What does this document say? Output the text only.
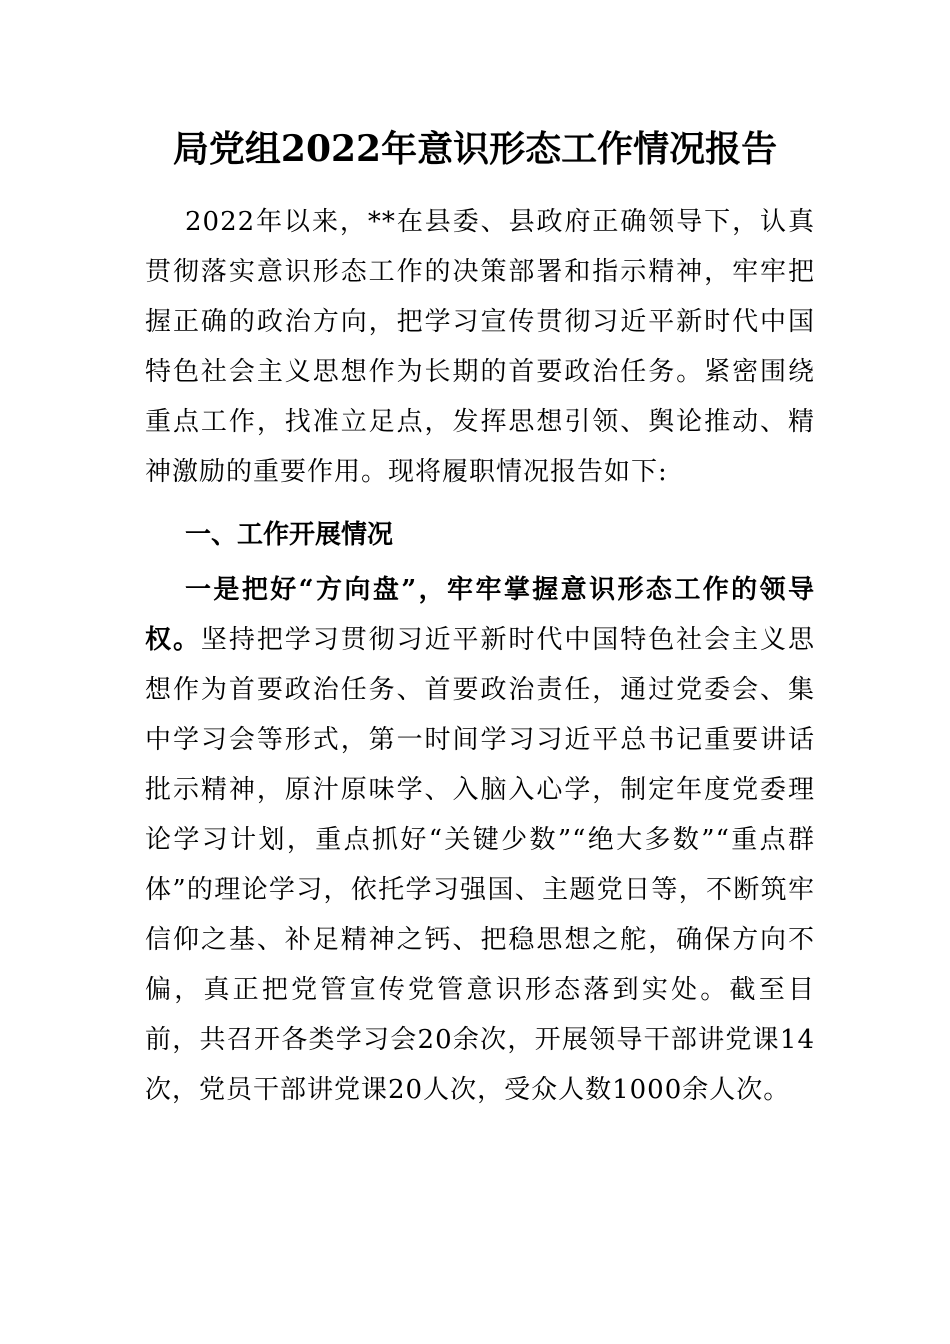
局党组2022年意识形态工作情况报告
2022年以来，**在县委、县政府正确领导下，认真贯彻落实意识形态工作的决策部署和指示精神，牢牢把握正确的政治方向，把学习宣传贯彻习近平新时代中国特色社会主义思想作为长期的首要政治任务。紧密围绕重点工作，找准立足点，发挥思想引领、舆论推动、精神激励的重要作用。现将履职情况报告如下:
一、工作开展情况
一是把好“方向盘”，牢牢掌握意识形态工作的领导权。坚持把学习贯彻习近平新时代中国特色社会主义思想作为首要政治任务、首要政治责任，通过党委会、集中学习会等形式，第一时间学习习近平总书记重要讲话批示精神，原汁原味学、入脑入心学，制定年度党委理论学习计划，重点抓好“关键少数”“绝大多数”“重点群体”的理论学习，依托学习强国、主题党日等，不断筑牢信仰之基、补足精神之钙、把稳思想之舵，确保方向不偏，真正把党管宣传党管意识形态落到实处。截至目前，共召开各类学习会20余次，开展领导干部讲党课14次，党员干部讲党课20人次，受众人数1000余人次。
